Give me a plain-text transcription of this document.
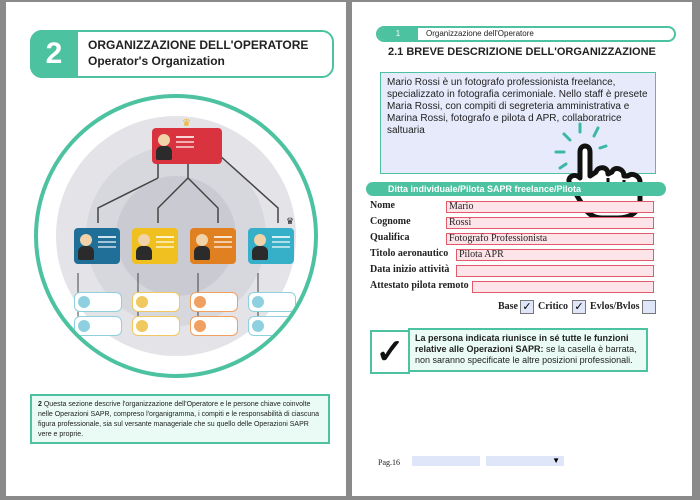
2	ORGANIZZAZIONE DELL'OPERATORE
Operator's Organization
♛
♛
2 Questa sezione descrive l'organizzazione dell'Operatore e le persone chiave coinvolte nelle Operazioni SAPR, compreso l'organigramma, i compiti e le responsabilità di ciascuna figura professionale, sia sul versante manageriale che su quello delle Operazioni SAPR vere e proprie.
1	Organizzazione dell'Operatore
2.1 BREVE DESCRIZIONE DELL'ORGANIZZAZIONE
Mario Rossi è un fotografo professionista freelance, specializzato in fotografia cerimoniale. Nello staff è presete Maria Rossi, con compiti di segreteria amministrativa e Marina Rossi, fotografo e pilota d APR, collaboratrice saltuaria
Ditta individuale/Pilota SAPR freelance/Pilota
Nome	Mario
Cognome	Rossi
Qualifica	Fotografo Professionista
Titolo aeronautico	Pilota APR
Data inizio attività
Attestato pilota remoto
Base ✓ Critico ✓ Evlos/Bvlos
✓	La persona indicata riunisce in sé tutte le funzioni relative alle Operazioni SAPR: se la casella è barrata, non saranno specificate le altre posizioni professionali.
Pag.16	▼
